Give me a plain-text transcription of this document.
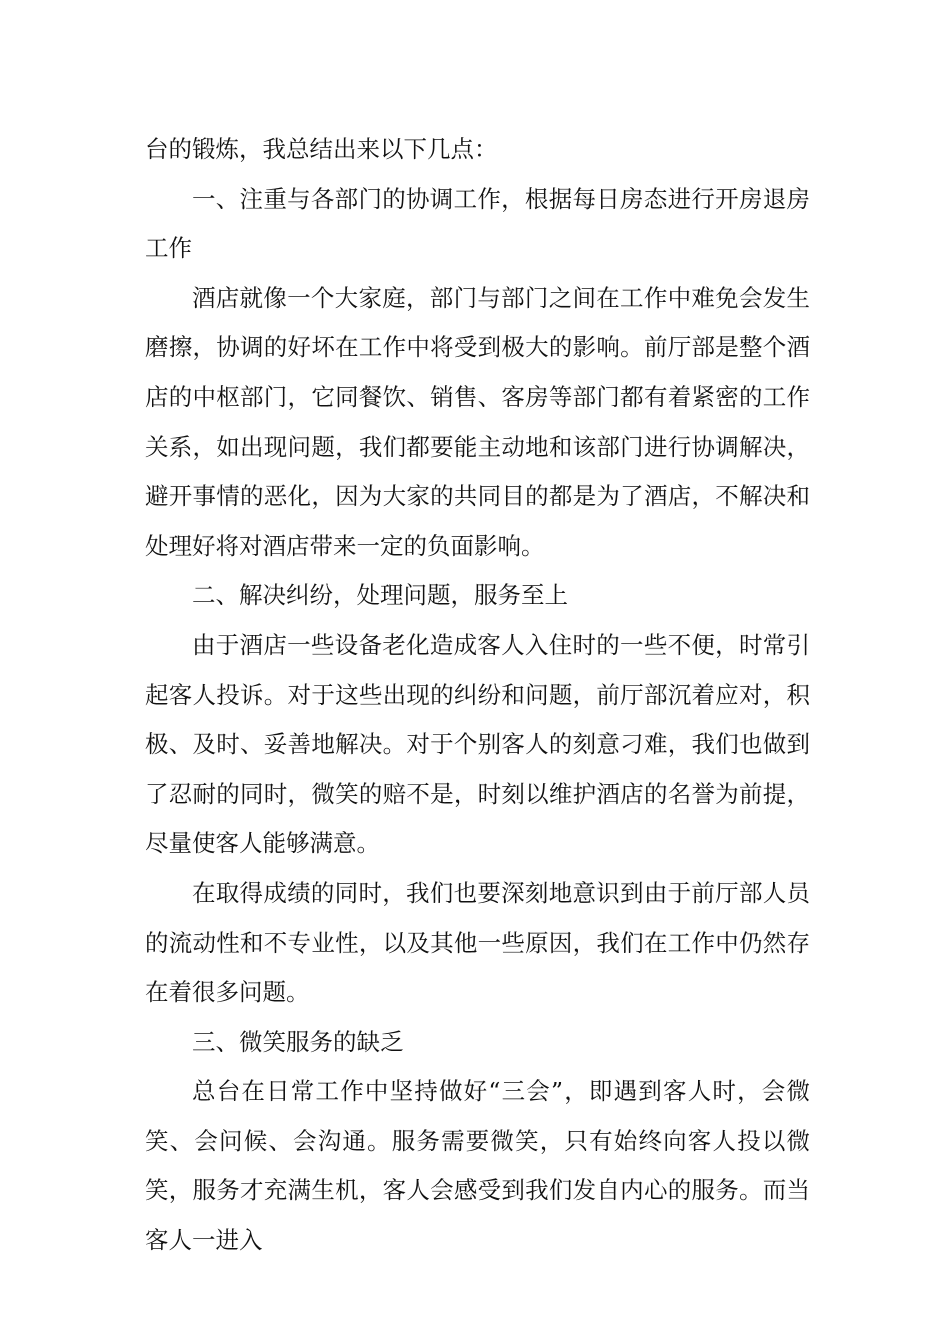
台的锻炼，我总结出来以下几点：

一、注重与各部门的协调工作，根据每日房态进行开房退房工作

酒店就像一个大家庭，部门与部门之间在工作中难免会发生磨擦，协调的好坏在工作中将受到极大的影响。前厅部是整个酒店的中枢部门，它同餐饮、销售、客房等部门都有着紧密的工作关系，如出现问题，我们都要能主动地和该部门进行协调解决，避开事情的恶化，因为大家的共同目的都是为了酒店，不解决和处理好将对酒店带来一定的负面影响。

二、解决纠纷，处理问题，服务至上

由于酒店一些设备老化造成客人入住时的一些不便，时常引起客人投诉。对于这些出现的纠纷和问题，前厅部沉着应对，积极、及时、妥善地解决。对于个别客人的刻意刁难，我们也做到了忍耐的同时，微笑的赔不是，时刻以维护酒店的名誉为前提，尽量使客人能够满意。

在取得成绩的同时，我们也要深刻地意识到由于前厅部人员的流动性和不专业性，以及其他一些原因，我们在工作中仍然存在着很多问题。

三、微笑服务的缺乏

总台在日常工作中坚持做好“三会”，即遇到客人时，会微笑、会问候、会沟通。服务需要微笑，只有始终向客人投以微笑，服务才充满生机，客人会感受到我们发自内心的服务。而当客人一进入
